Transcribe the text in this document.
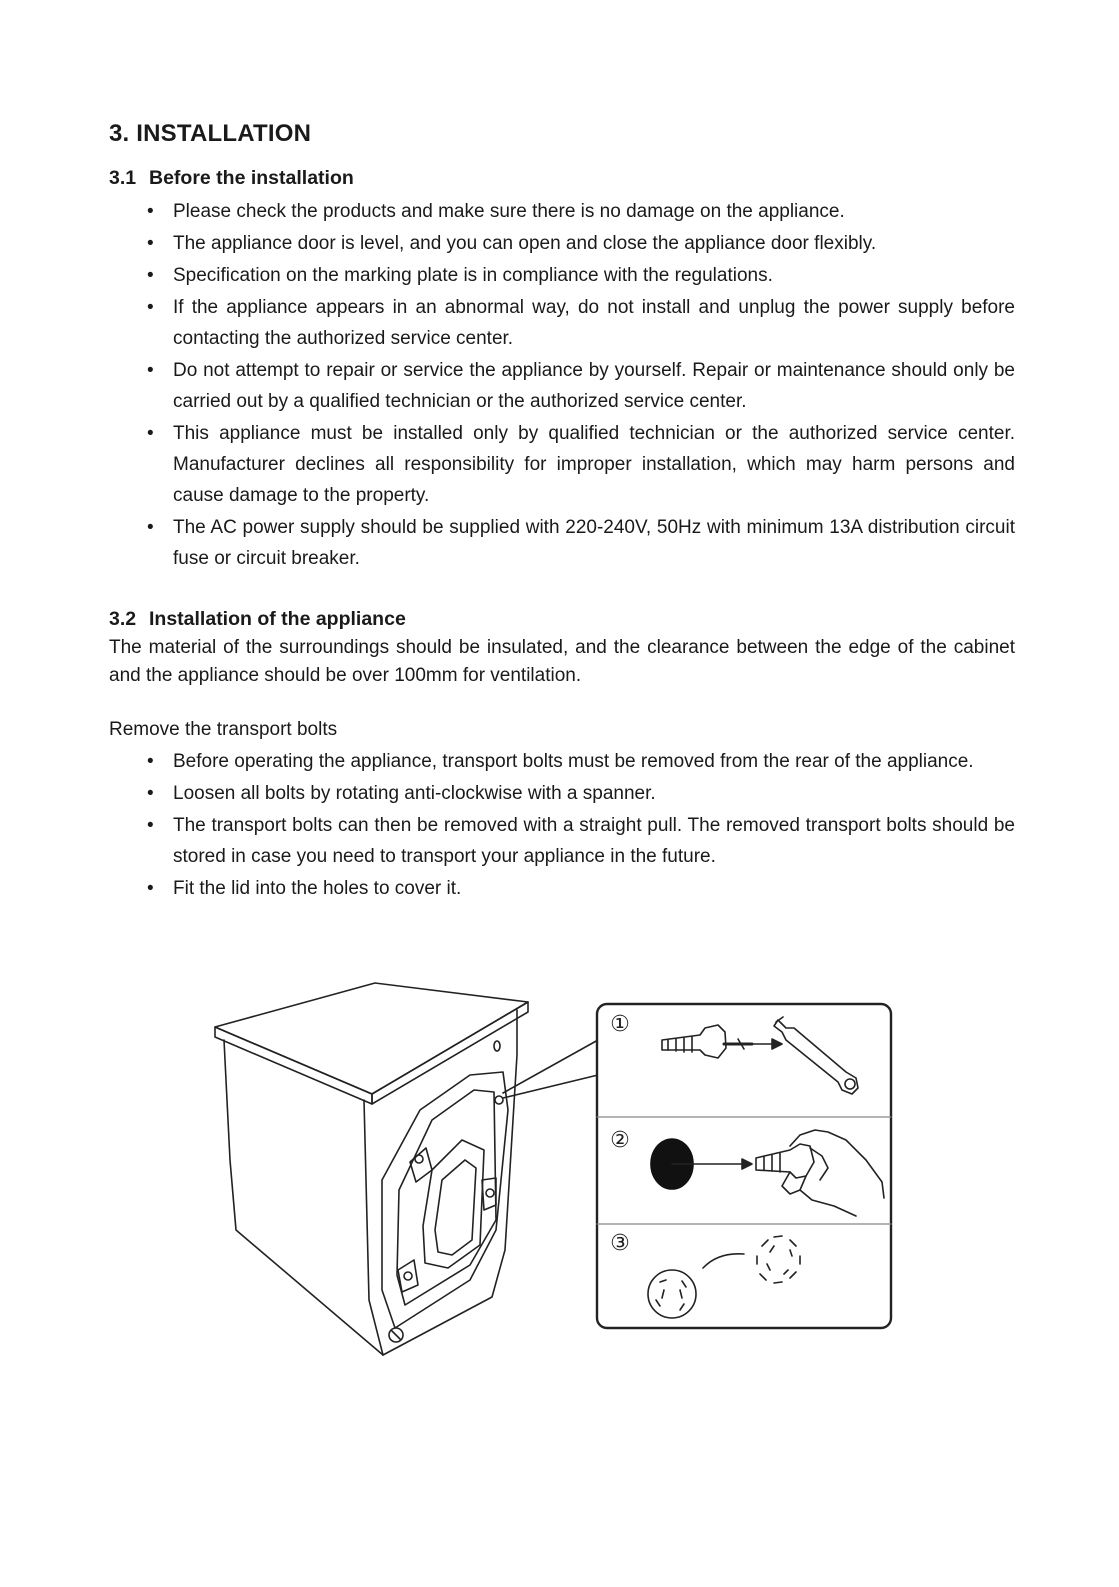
3. INSTALLATION
3.1 Before the installation
• Please check the products and make sure there is no damage on the appliance.
• The appliance door is level, and you can open and close the appliance door flexibly.
• Specification on the marking plate is in compliance with the regulations.
• If the appliance appears in an abnormal way, do not install and unplug the power supply before contacting the authorized service center.
• Do not attempt to repair or service the appliance by yourself. Repair or maintenance should only be carried out by a qualified technician or the authorized service center.
• This appliance must be installed only by qualified technician or the authorized service center. Manufacturer declines all responsibility for improper installation, which may harm persons and cause damage to the property.
• The AC power supply should be supplied with 220-240V, 50Hz with minimum 13A distribution circuit fuse or circuit breaker.
3.2 Installation of the appliance

The material of the surroundings should be insulated, and the clearance between the edge of the cabinet and the appliance should be over 100mm for ventilation.

Remove the transport bolts

• Before operating the appliance, transport bolts must be removed from the rear of the appliance.
• Loosen all bolts by rotating anti-clockwise with a spanner.
• The transport bolts can then be removed with a straight pull. The removed transport bolts should be stored in case you need to transport your appliance in the future.
• Fit the lid into the holes to cover it.
①
②
③
